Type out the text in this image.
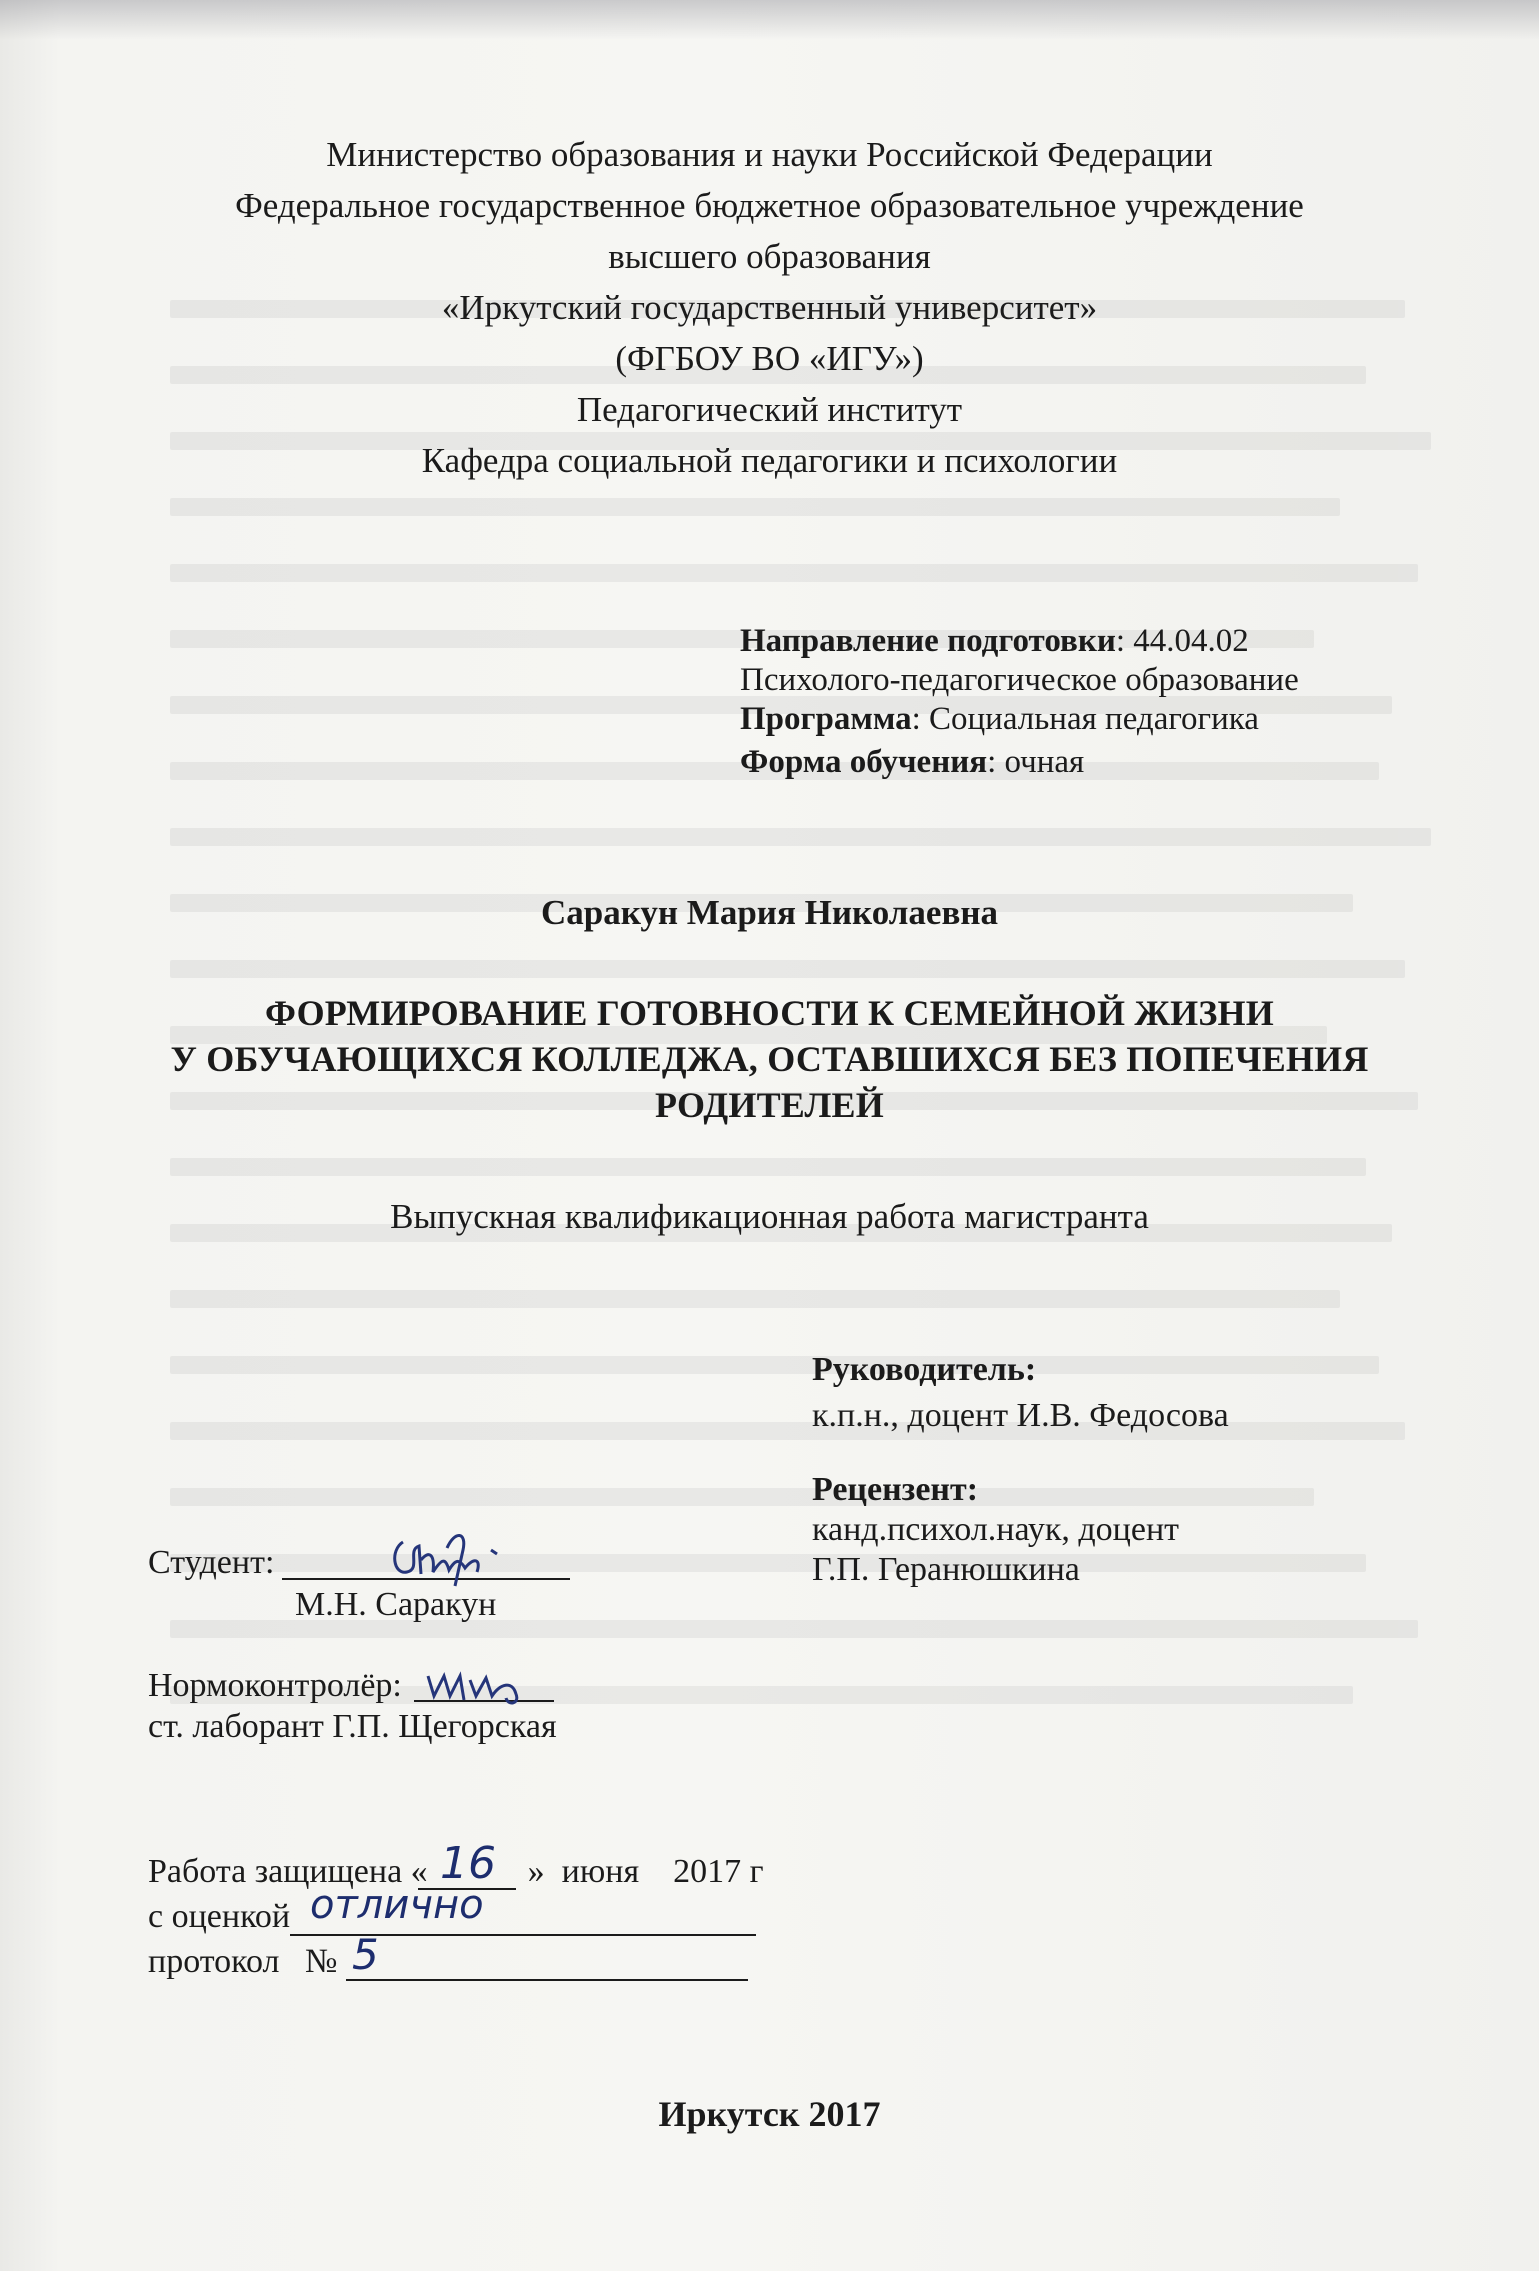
Министерство образования и науки Российской Федерации
Федеральное государственное бюджетное образовательное учреждение
высшего образования
«Иркутский государственный университет»
(ФГБОУ ВО «ИГУ»)
Педагогический институт
Кафедра социальной педагогики и психологии
Направление подготовки: 44.04.02
Психолого-педагогическое образование
Программа: Социальная педагогика
Форма обучения: очная
Саракун Мария Николаевна
ФОРМИРОВАНИЕ ГОТОВНОСТИ К СЕМЕЙНОЙ ЖИЗНИ
У ОБУЧАЮЩИХСЯ КОЛЛЕДЖА, ОСТАВШИХСЯ БЕЗ ПОПЕЧЕНИЯ
РОДИТЕЛЕЙ
Выпускная квалификационная работа магистранта
Руководитель:
к.п.н., доцент И.В. Федосова
Рецензент:
канд.психол.наук, доцент
Г.П. Геранюшкина
Студент:
М.Н. Саракун
Нормоконтролёр:
ст. лаборант Г.П. Щегорская
Работа защищена «	»  июня    2017 г
16
с оценкой отлично
протокол   № 5
Иркутск 2017
